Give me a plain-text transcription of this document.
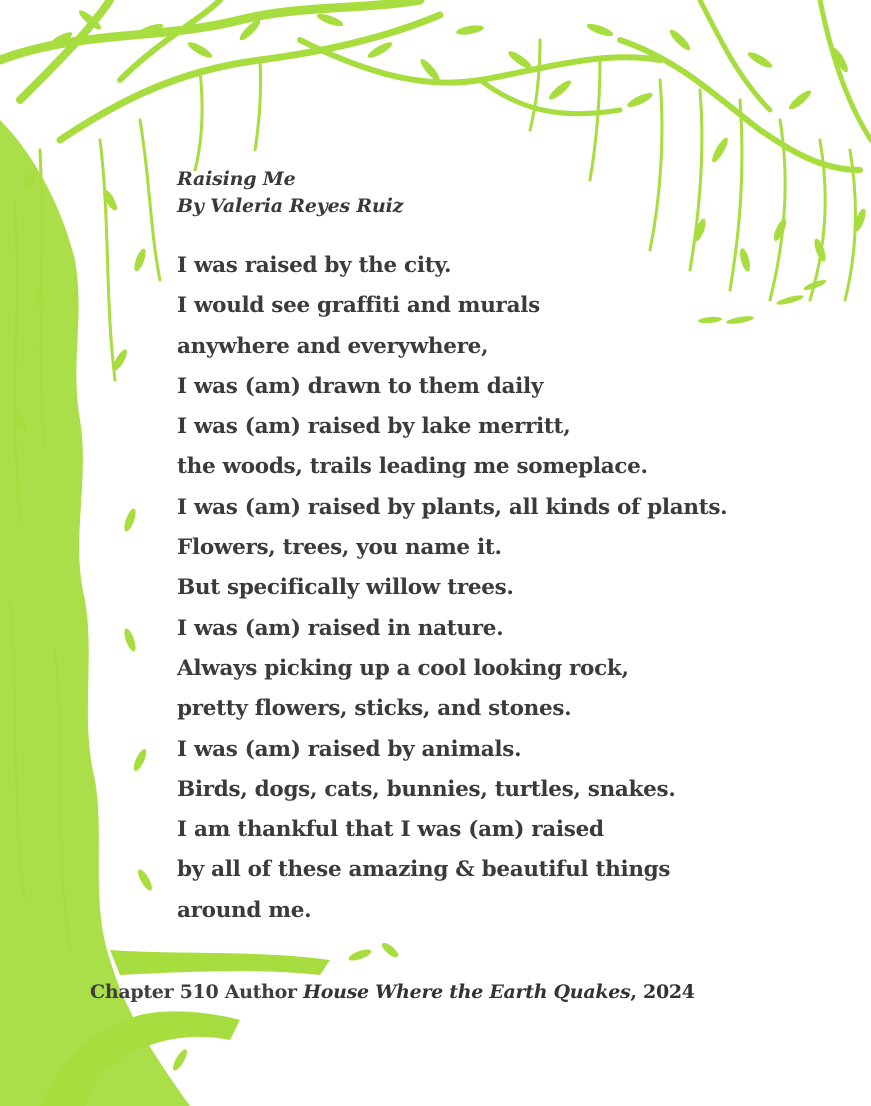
Raising Me
By Valeria Reyes Ruiz
I was raised by the city.
I would see graffiti and murals
anywhere and everywhere,
I was (am) drawn to them daily
I was (am) raised by lake merritt,
the woods, trails leading me someplace.
I was (am) raised by plants, all kinds of plants.
Flowers, trees, you name it.
But specifically willow trees.
I was (am) raised in nature.
Always picking up a cool looking rock,
pretty flowers, sticks, and stones.
I was (am) raised by animals.
Birds, dogs, cats, bunnies, turtles, snakes.
I am thankful that I was (am) raised
by all of these amazing & beautiful things
around me.
Chapter 510 Author House Where the Earth Quakes, 2024
